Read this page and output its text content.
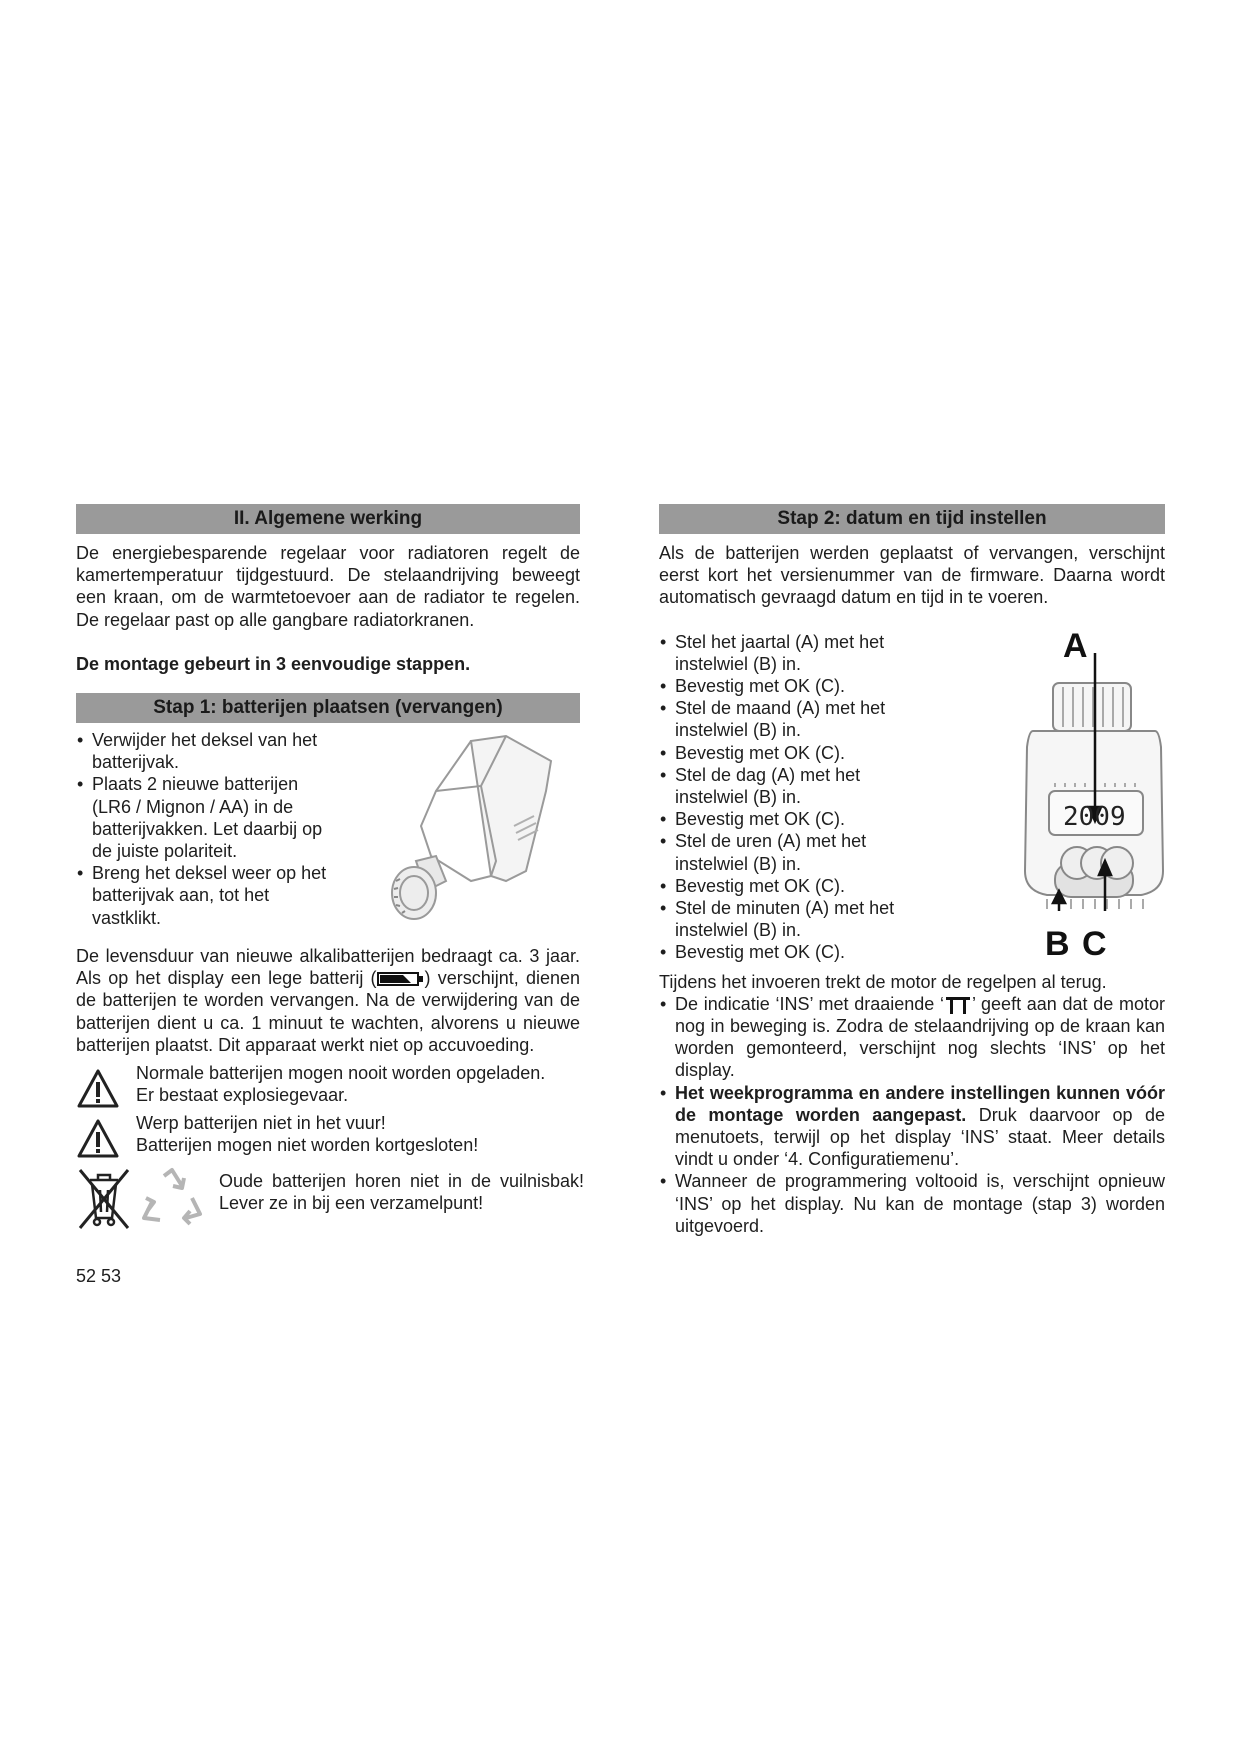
II. Algemene werking

De energiebesparende regelaar voor radiatoren regelt de kamertemperatuur tijdgestuurd. De stelaandrijving beweegt een kraan, om de warmtetoevoer aan de radiator te regelen. De regelaar past op alle gangbare radiatorkranen.

De montage gebeurt in 3 eenvoudige stappen.

Stap 1: batterijen plaatsen (vervangen)
• Verwijder het deksel van het batterijvak.
• Plaats 2 nieuwe batterijen (LR6 / Mignon / AA) in de batterijvakken. Let daarbij op de juiste polariteit.
• Breng het deksel weer op het batterijvak aan, tot het vastklikt.

De levensduur van nieuwe alkalibatterijen bedraagt ca. 3 jaar. Als op het display een lege batterij (	) verschijnt, dienen de batterijen te worden vervangen. Na de verwijdering van de batterijen dient u ca. 1 minuut te wachten, alvorens u nieuwe batterijen plaatst. Dit apparaat werkt niet op accuvoeding.

Normale batterijen mogen nooit worden opgeladen.
Er bestaat explosiegevaar.

Werp batterijen niet in het vuur!
Batterijen mogen niet worden kortgesloten!

Oude batterijen horen niet in de vuilnisbak! Lever ze in bij een verzamelpunt!

52 53
Stap 2: datum en tijd instellen

Als de batterijen werden geplaatst of vervangen, verschijnt eerst kort het versienummer van de firmware. Daarna wordt automatisch gevraagd datum en tijd in te voeren.

• Stel het jaartal (A) met het instelwiel (B) in.
• Bevestig met OK (C).
• Stel de maand (A) met het instelwiel (B) in.
• Bevestig met OK (C).
• Stel de dag (A) met het instelwiel (B) in.
• Bevestig met OK (C).
• Stel de uren (A) met het instelwiel (B) in.
• Bevestig met OK (C).
• Stel de minuten (A) met het instelwiel (B) in.
• Bevestig met OK (C).
A
B C
2009

Tijdens het invoeren trekt de motor de regelpen al terug.

• De indicatie ‘INS’ met draaiende ‘ ’ geeft aan dat de motor nog in beweging is. Zodra de stelaandrijving op de kraan kan worden gemonteerd, verschijnt nog slechts ‘INS’ op het display.
• Het weekprogramma en andere instellingen kunnen vóór de montage worden aangepast. Druk daarvoor op de menutoets, terwijl op het display ‘INS’ staat. Meer details vindt u onder ‘4. Configuratiemenu’.
• Wanneer de programmering voltooid is, verschijnt opnieuw ‘INS’ op het display. Nu kan de montage (stap 3) worden uitgevoerd.
